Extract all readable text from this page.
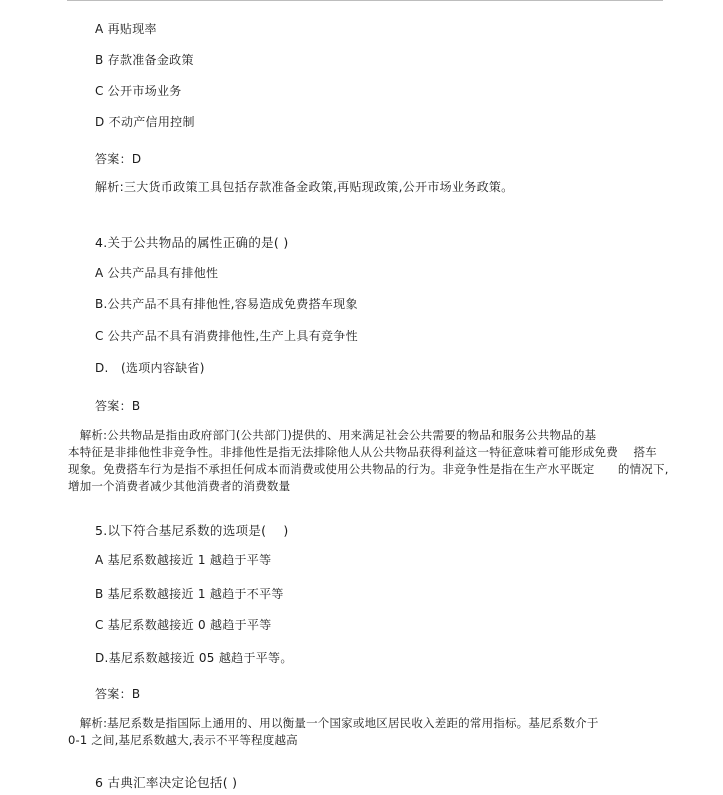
A 再贴现率
B 存款准备金政策
C 公开市场业务
D 不动产信用控制
答案：D
解析:三大货币政策工具包括存款准备金政策,再贴现政策,公开市场业务政策。
4.关于公共物品的属性正确的是( )
A 公共产品具有排他性
B.公共产品不具有排他性,容易造成免费搭车现象
C 公共产品不具有消费排他性,生产上具有竞争性
D.　(选项内容缺省)
答案：B
　解析:公共物品是指由政府部门(公共部门)提供的、用来满足社会公共需要的物品和服务公共物品的基
本特征是非排他性非竞争性。非排他性是指无法排除他人从公共物品获得利益这一特征意味着可能形成免费　 搭车
现象。免费搭车行为是指不承担任何成本而消费或使用公共物品的行为。非竞争性是指在生产水平既定　　的情况下,
增加一个消费者减少其他消费者的消费数量
5.以下符合基尼系数的选项是(　 )
A 基尼系数越接近 1 越趋于平等
B 基尼系数越接近 1 越趋于不平等
C 基尼系数越接近 0 越趋于平等
D.基尼系数越接近 05 越趋于平等。
答案：B
　解析:基尼系数是指国际上通用的、用以衡量一个国家或地区居民收入差距的常用指标。基尼系数介于
0-1 之间,基尼系数越大,表示不平等程度越高
6 古典汇率决定论包括( )
